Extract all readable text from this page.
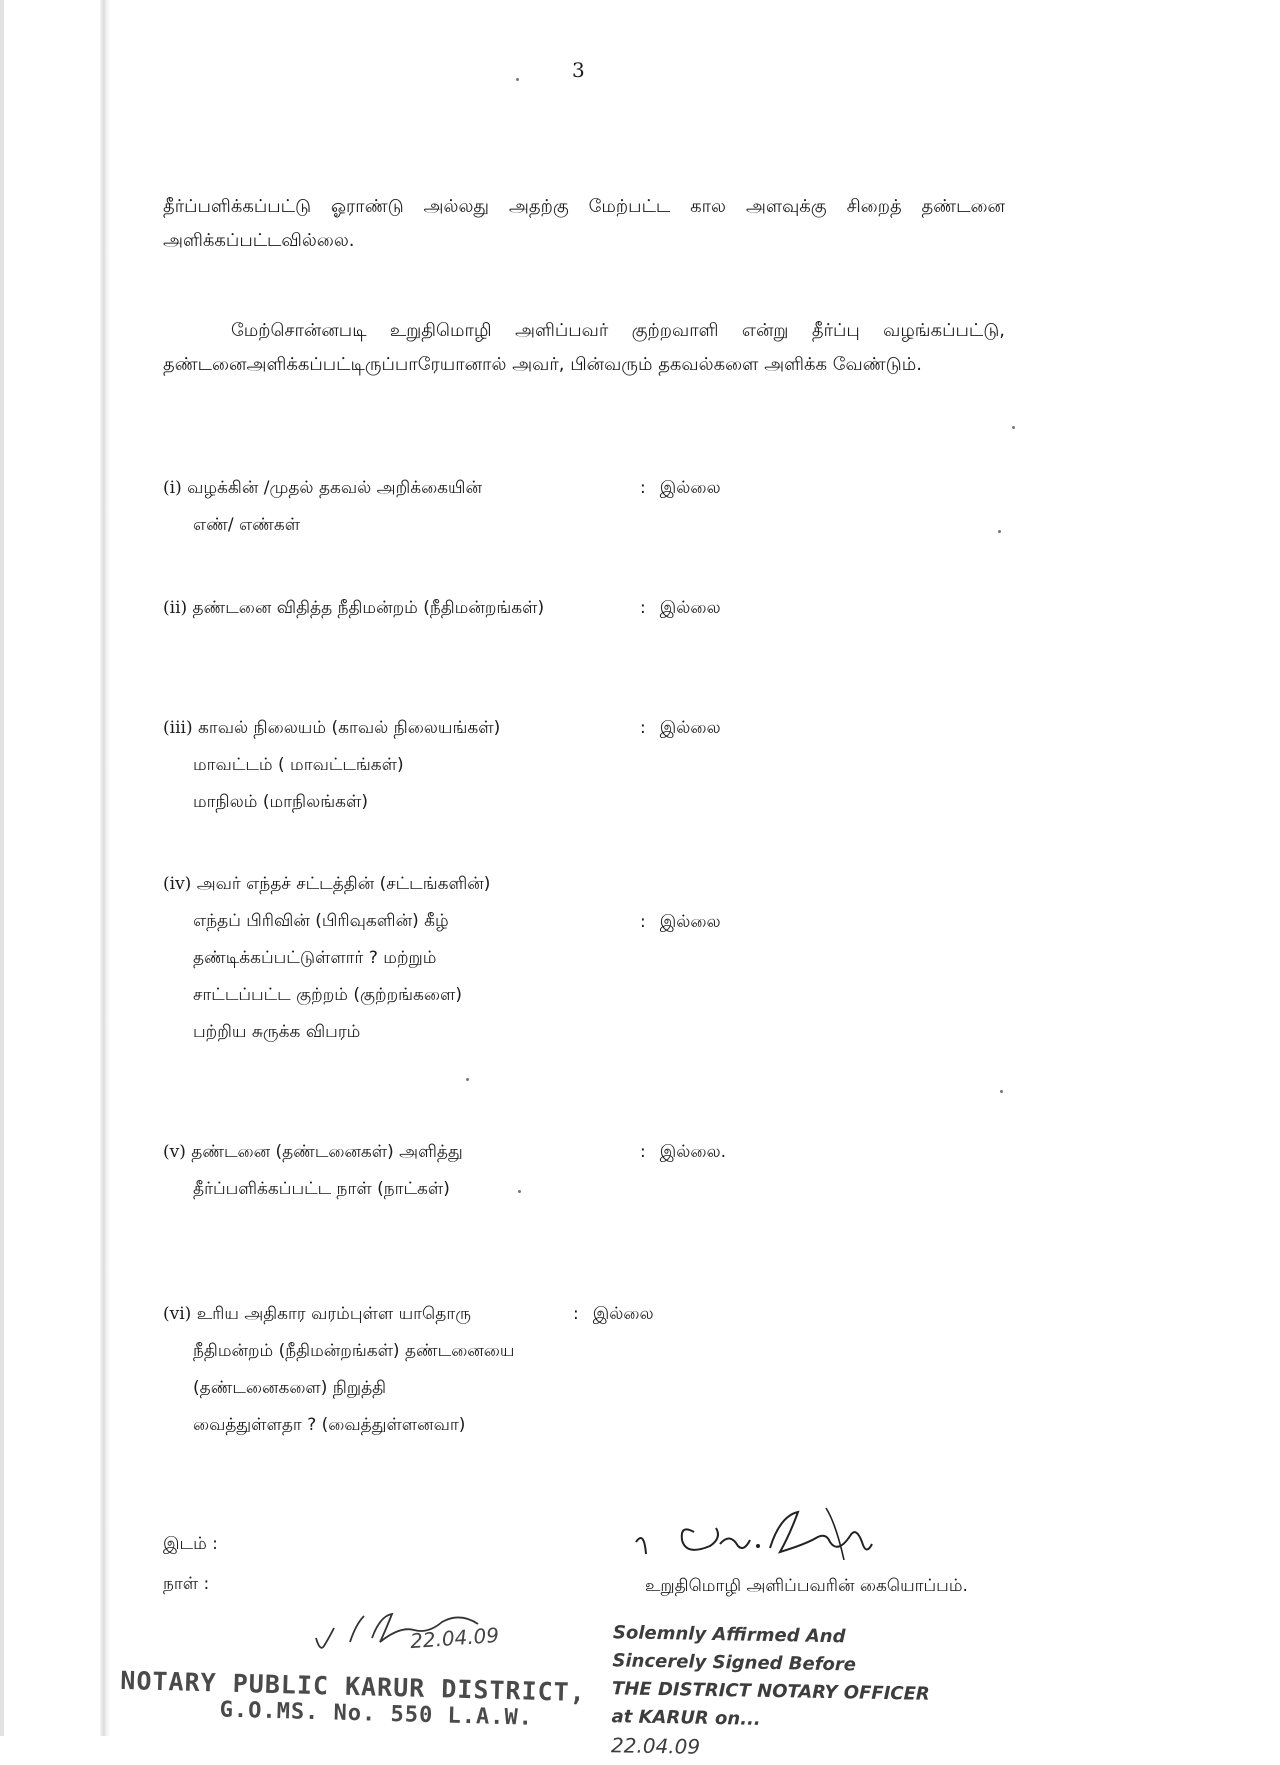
3

தீர்ப்பளிக்கப்பட்டு ஓராண்டு அல்லது அதற்கு மேற்பட்ட கால அளவுக்கு சிறைத் தண்டனை அளிக்கப்பட்டவில்லை.

மேற்சொன்னபடி உறுதிமொழி அளிப்பவர் குற்றவாளி என்று தீர்ப்பு வழங்கப்பட்டு, தண்டனைஅளிக்கப்பட்டிருப்பாரேயானால் அவர், பின்வரும் தகவல்களை அளிக்க வேண்டும்.

(i) வழக்கின் /முதல் தகவல் அறிக்கையின்
எண்/ எண்கள்
: இல்லை
(ii) தண்டனை விதித்த நீதிமன்றம் (நீதிமன்றங்கள்)	: இல்லை
(iii) காவல் நிலையம் (காவல் நிலையங்கள்)
மாவட்டம் ( மாவட்டங்கள்)
மாநிலம் (மாநிலங்கள்)
: இல்லை
(iv) அவர் எந்தச் சட்டத்தின் (சட்டங்களின்)
எந்தப் பிரிவின் (பிரிவுகளின்) கீழ்
தண்டிக்கப்பட்டுள்ளார் ? மற்றும்
சாட்டப்பட்ட குற்றம் (குற்றங்களை)
பற்றிய சுருக்க விபரம்
: இல்லை
(v) தண்டனை (தண்டனைகள்) அளித்து
தீர்ப்பளிக்கப்பட்ட நாள் (நாட்கள்)
: இல்லை.
(vi) உரிய அதிகார வரம்புள்ள யாதொரு
நீதிமன்றம் (நீதிமன்றங்கள்) தண்டனையை
(தண்டனைகளை) நிறுத்தி
வைத்துள்ளதா ? (வைத்துள்ளனவா)
: இல்லை
இடம் :
நாள் :	உறுதிமொழி அளிப்பவரின் கையொப்பம்.
22.04.09
NOTARY PUBLIC KARUR DISTRICT,
G.O.MS. No. 550 L.A.W.
Solemnly Affirmed And
Sincerely Signed Before
THE DISTRICT NOTARY OFFICER
at KARUR on...
22.04.09
